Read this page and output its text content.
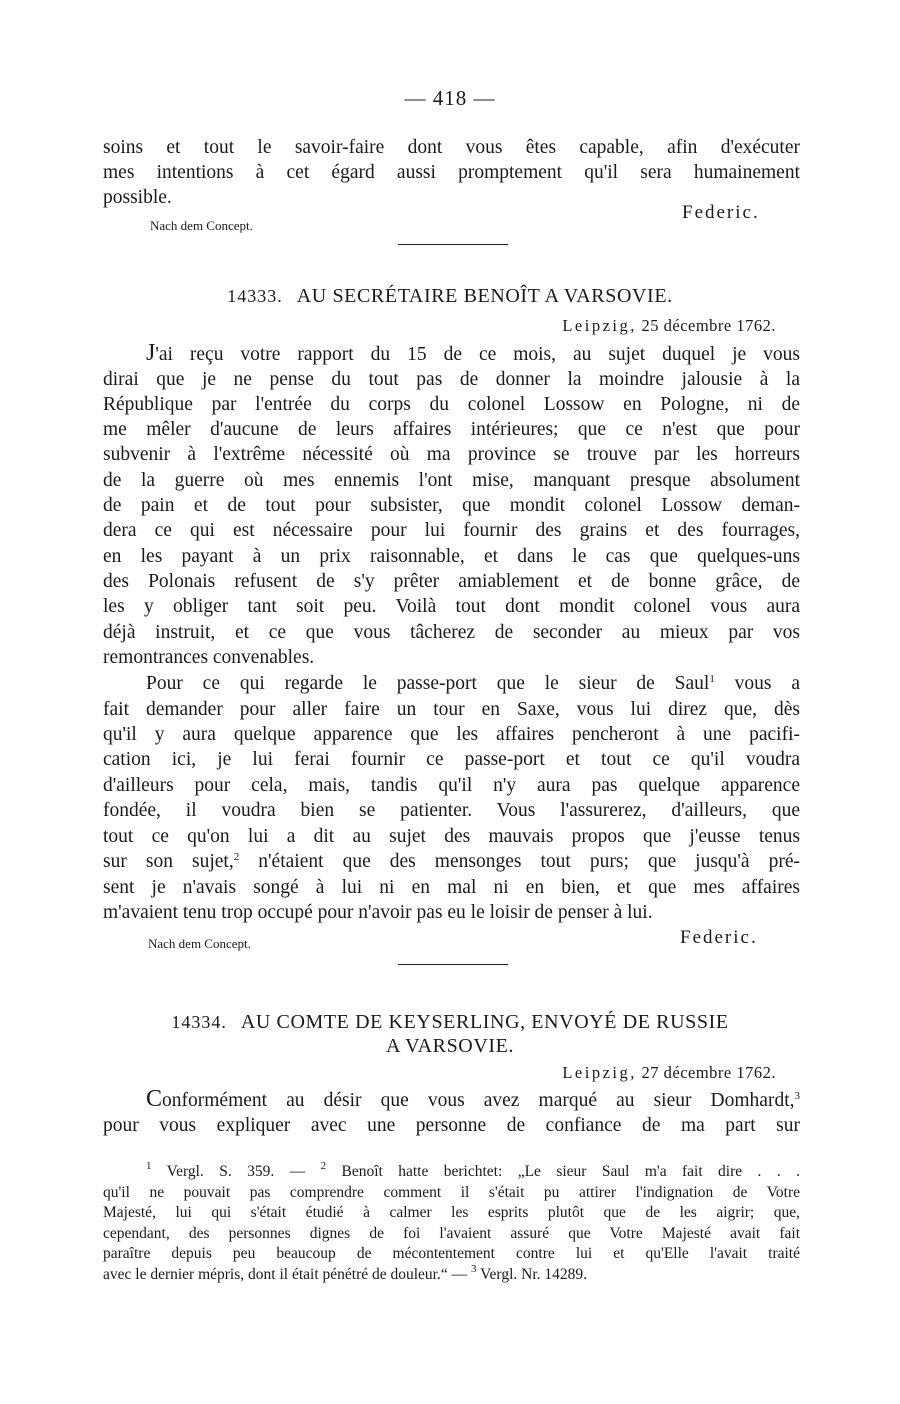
— 418 —
soins et tout le savoir-faire dont vous êtes capable, afin d'exécuter
mes intentions à cet égard aussi promptement qu'il sera humainement
possible.
Nach dem Concept.
Federic.
14333. AU SECRÉTAIRE BENOÎT A VARSOVIE.
Leipzig, 25 décembre 1762.
J'ai reçu votre rapport du 15 de ce mois, au sujet duquel je vous
dirai que je ne pense du tout pas de donner la moindre jalousie à la
République par l'entrée du corps du colonel Lossow en Pologne, ni de
me mêler d'aucune de leurs affaires intérieures; que ce n'est que pour
subvenir à l'extrême nécessité où ma province se trouve par les horreurs
de la guerre où mes ennemis l'ont mise, manquant presque absolument
de pain et de tout pour subsister, que mondit colonel Lossow deman-
dera ce qui est nécessaire pour lui fournir des grains et des fourrages,
en les payant à un prix raisonnable, et dans le cas que quelques-uns
des Polonais refusent de s'y prêter amiablement et de bonne grâce, de
les y obliger tant soit peu. Voilà tout dont mondit colonel vous aura
déjà instruit, et ce que vous tâcherez de seconder au mieux par vos
remontrances convenables.
Pour ce qui regarde le passe-port que le sieur de Saul$^1$ vous a
fait demander pour aller faire un tour en Saxe, vous lui direz que, dès
qu'il y aura quelque apparence que les affaires pencheront à une pacifi-
cation ici, je lui ferai fournir ce passe-port et tout ce qu'il voudra
d'ailleurs pour cela, mais, tandis qu'il n'y aura pas quelque apparence
fondée, il voudra bien se patienter. Vous l'assurerez, d'ailleurs, que
tout ce qu'on lui a dit au sujet des mauvais propos que j'eusse tenus
sur son sujet,$^2$ n'étaient que des mensonges tout purs; que jusqu'à pré-
sent je n'avais songé à lui ni en mal ni en bien, et que mes affaires
m'avaient tenu trop occupé pour n'avoir pas eu le loisir de penser à lui.
Nach dem Concept.	Federic.
14334. AU COMTE DE KEYSERLING, ENVOYÉ DE RUSSIE
A VARSOVIE.
Leipzig, 27 décembre 1762.
Conformément au désir que vous avez marqué au sieur Domhardt,$^3$
pour vous expliquer avec une personne de confiance de ma part sur
$^1$ Vergl. S. 359. — $^2$ Benoît hatte berichtet: „Le sieur Saul m'a fait dire . . .
qu'il ne pouvait pas comprendre comment il s'était pu attirer l'indignation de Votre
Majesté, lui qui s'était étudié à calmer les esprits plutôt que de les aigrir; que,
cependant, des personnes dignes de foi l'avaient assuré que Votre Majesté avait fait
paraître depuis peu beaucoup de mécontentement contre lui et qu'Elle l'avait traité
avec le dernier mépris, dont il était pénétré de douleur.“ — $^3$ Vergl. Nr. 14289.
